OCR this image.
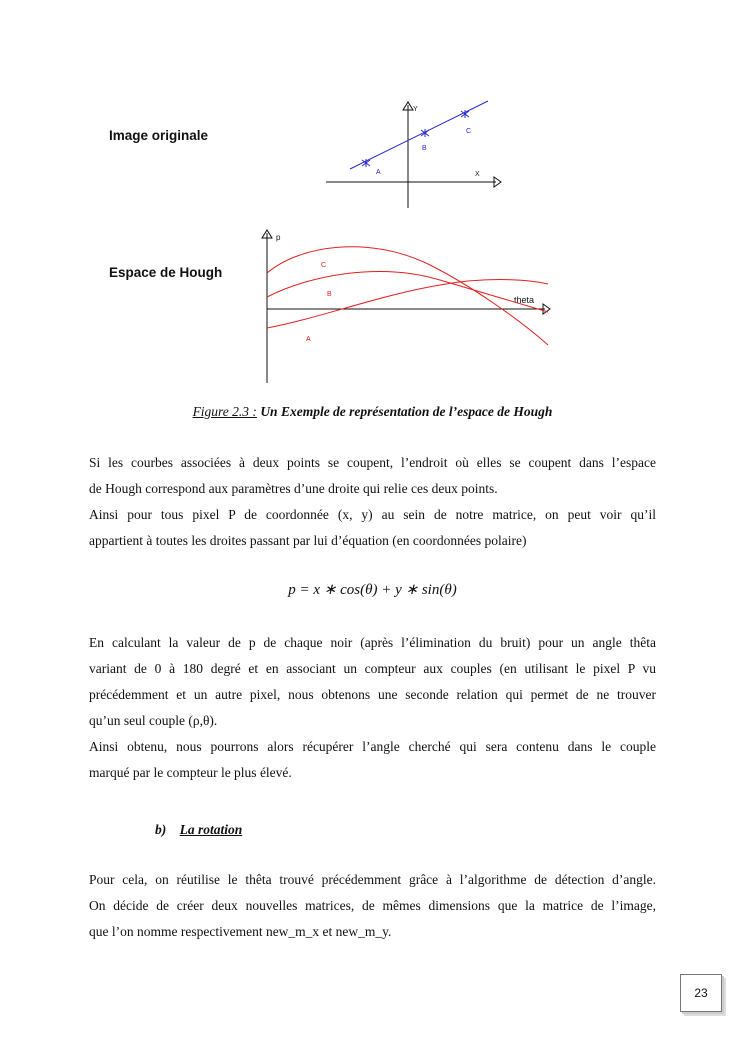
Image originale
Espace de Hough
Y
X
A
B
C
p
theta
C
B
A
Figure 2.3 : Un Exemple de représentation de l’espace de Hough
Si les courbes associées à deux points se coupent, l’endroit où elles se coupent dans l’espace
de Hough correspond aux paramètres d’une droite qui relie ces deux points.
Ainsi pour tous pixel P de coordonnée (x, y) au sein de notre matrice, on peut voir qu’il
appartient à toutes les droites passant par lui d’équation (en coordonnées polaire)
p = x ∗ cos(θ) + y ∗ sin(θ)
En calculant la valeur de p de chaque noir (après l’élimination du bruit) pour un angle thêta
variant de 0 à 180 degré et en associant un compteur aux couples (en utilisant le pixel P vu
précédemment et un autre pixel, nous obtenons une seconde relation qui permet de ne trouver
qu’un seul couple (ρ,θ).
Ainsi obtenu, nous pourrons alors récupérer l’angle cherché qui sera contenu dans le couple
marqué par le compteur le plus élevé.
b) La rotation
Pour cela, on réutilise le thêta trouvé précédemment grâce à l’algorithme de détection d’angle.
On décide de créer deux nouvelles matrices, de mêmes dimensions que la matrice de l’image,
que l’on nomme respectivement new_m_x et new_m_y.
23
